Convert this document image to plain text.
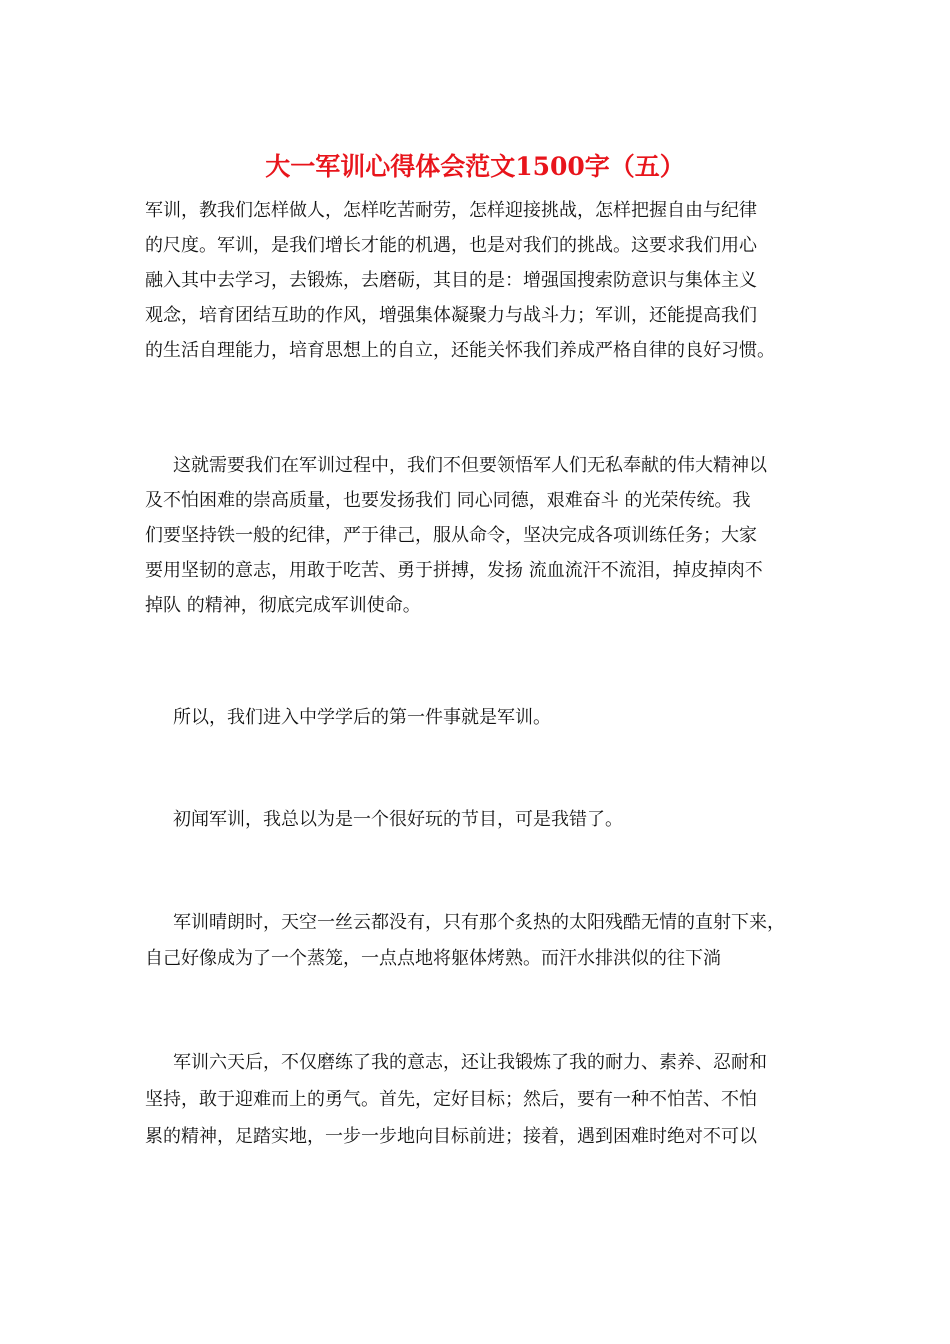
大一军训心得体会范文1500字（五）
军训，教我们怎样做人，怎样吃苦耐劳，怎样迎接挑战，怎样把握自由与纪律
的尺度。军训，是我们增长才能的机遇，也是对我们的挑战。这要求我们用心
融入其中去学习，去锻炼，去磨砺，其目的是：增强国搜索防意识与集体主义
观念，培育团结互助的作风，增强集体凝聚力与战斗力；军训，还能提高我们
的生活自理能力，培育思想上的自立，还能关怀我们养成严格自律的良好习惯。
这就需要我们在军训过程中，我们不但要领悟军人们无私奉献的伟大精神以
及不怕困难的崇高质量，也要发扬我们 同心同德，艰难奋斗 的光荣传统。我
们要坚持铁一般的纪律，严于律己，服从命令，坚决完成各项训练任务；大家
要用坚韧的意志，用敢于吃苦、勇于拼搏，发扬 流血流汗不流泪，掉皮掉肉不
掉队 的精神，彻底完成军训使命。
所以，我们进入中学学后的第一件事就是军训。
初闻军训，我总以为是一个很好玩的节目，可是我错了。
军训晴朗时，天空一丝云都没有，只有那个炙热的太阳残酷无情的直射下来，
自己好像成为了一个蒸笼，一点点地将躯体烤熟。而汗水排洪似的往下淌
军训六天后，不仅磨练了我的意志，还让我锻炼了我的耐力、素养、忍耐和
坚持，敢于迎难而上的勇气。首先，定好目标；然后，要有一种不怕苦、不怕
累的精神，足踏实地，一步一步地向目标前进；接着，遇到困难时绝对不可以
